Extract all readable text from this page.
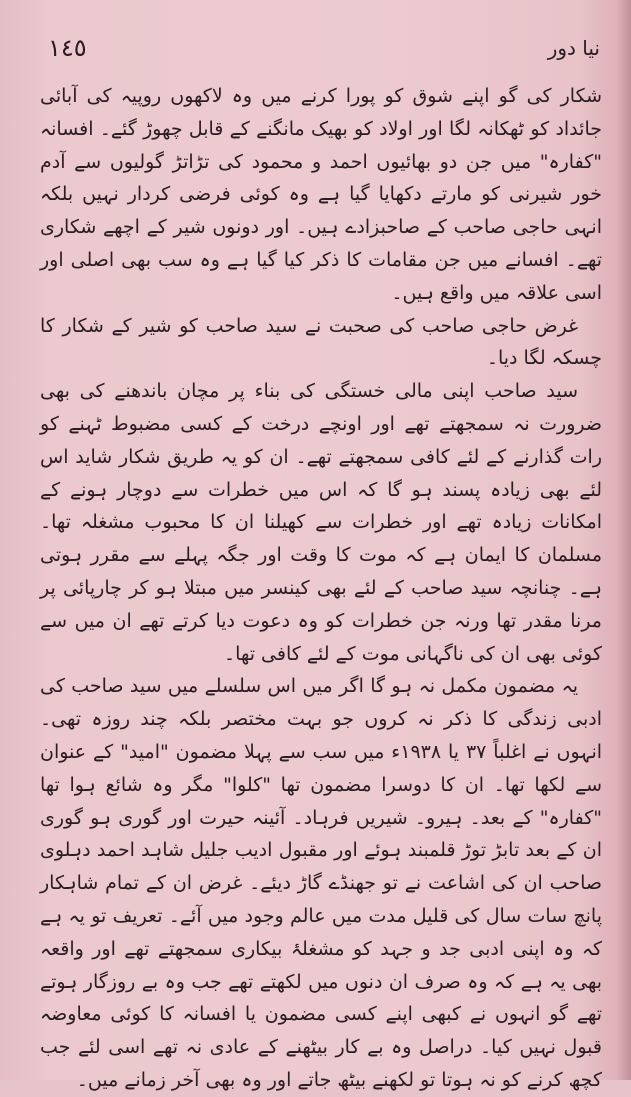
١٤٥	نیا دور

شکار کی گو اپنے شوق کو پورا کرنے میں وہ لاکھوں روپیہ کی آبائی جائداد کو ٹھکانہ لگا اور اولاد کو بھیک مانگنے کے قابل چھوڑ گئے۔ افسانہ "کفارہ" میں جن دو بھائیوں احمد و محمود کی تڑاتڑ گولیوں سے آدم خور شیرنی کو مارتے دکھایا گیا ہے وہ کوئی فرضی کردار نہیں بلکہ انہی حاجی صاحب کے صاحبزادے ہیں۔ اور دونوں شیر کے اچھے شکاری تھے۔ افسانے میں جن مقامات کا ذکر کیا گیا ہے وہ سب بھی اصلی اور اسی علاقہ میں واقع ہیں۔

غرض حاجی صاحب کی صحبت نے سید صاحب کو شیر کے شکار کا چسکہ لگا دیا۔

سید صاحب اپنی مالی خستگی کی بناء پر مچان باندھنے کی بھی ضرورت نہ سمجھتے تھے اور اونچے درخت کے کسی مضبوط ٹہنے کو رات گذارنے کے لئے کافی سمجھتے تھے۔ ان کو یہ طریق شکار شاید اس لئے بھی زیادہ پسند ہو گا کہ اس میں خطرات سے دوچار ہونے کے امکانات زیادہ تھے اور خطرات سے کھیلنا ان کا محبوب مشغلہ تھا۔ مسلمان کا ایمان ہے کہ موت کا وقت اور جگہ پہلے سے مقرر ہوتی ہے۔ چنانچہ سید صاحب کے لئے بھی کینسر میں مبتلا ہو کر چارپائی پر مرنا مقدر تھا ورنہ جن خطرات کو وہ دعوت دیا کرتے تھے ان میں سے کوئی بھی ان کی ناگہانی موت کے لئے کافی تھا۔

یہ مضمون مکمل نہ ہو گا اگر میں اس سلسلے میں سید صاحب کی ادبی زندگی کا ذکر نہ کروں جو بہت مختصر بلکہ چند روزہ تھی۔ انہوں نے اغلباً ۳۷ یا ۱۹۳۸ء میں سب سے پہلا مضمون "امید" کے عنوان سے لکھا تھا۔ ان کا دوسرا مضمون تھا "کلوا" مگر وہ شائع ہوا تھا "کفارہ" کے بعد۔ ہیرو۔ شیریں فرہاد۔ آئینہ حیرت اور گوری ہو گوری ان کے بعد تابڑ توڑ قلمبند ہوئے اور مقبول ادیب جلیل شاہد احمد دہلوی صاحب ان کی اشاعت نے تو جھنڈے گاڑ دیئے۔ غرض ان کے تمام شاہکار پانچ سات سال کی قلیل مدت میں عالم وجود میں آئے۔ تعریف تو یہ ہے کہ وہ اپنی ادبی جد و جہد کو مشغلۂ بیکاری سمجھتے تھے اور واقعہ بھی یہ ہے کہ وہ صرف ان دنوں میں لکھتے تھے جب وہ بے روزگار ہوتے تھے گو انہوں نے کبھی اپنے کسی مضمون یا افسانہ کا کوئی معاوضہ قبول نہیں کیا۔ دراصل وہ بے کار بیٹھنے کے عادی نہ تھے اسی لئے جب کچھ کرنے کو نہ ہوتا تو لکھنے بیٹھ جاتے اور وہ بھی آخر زمانے میں۔
